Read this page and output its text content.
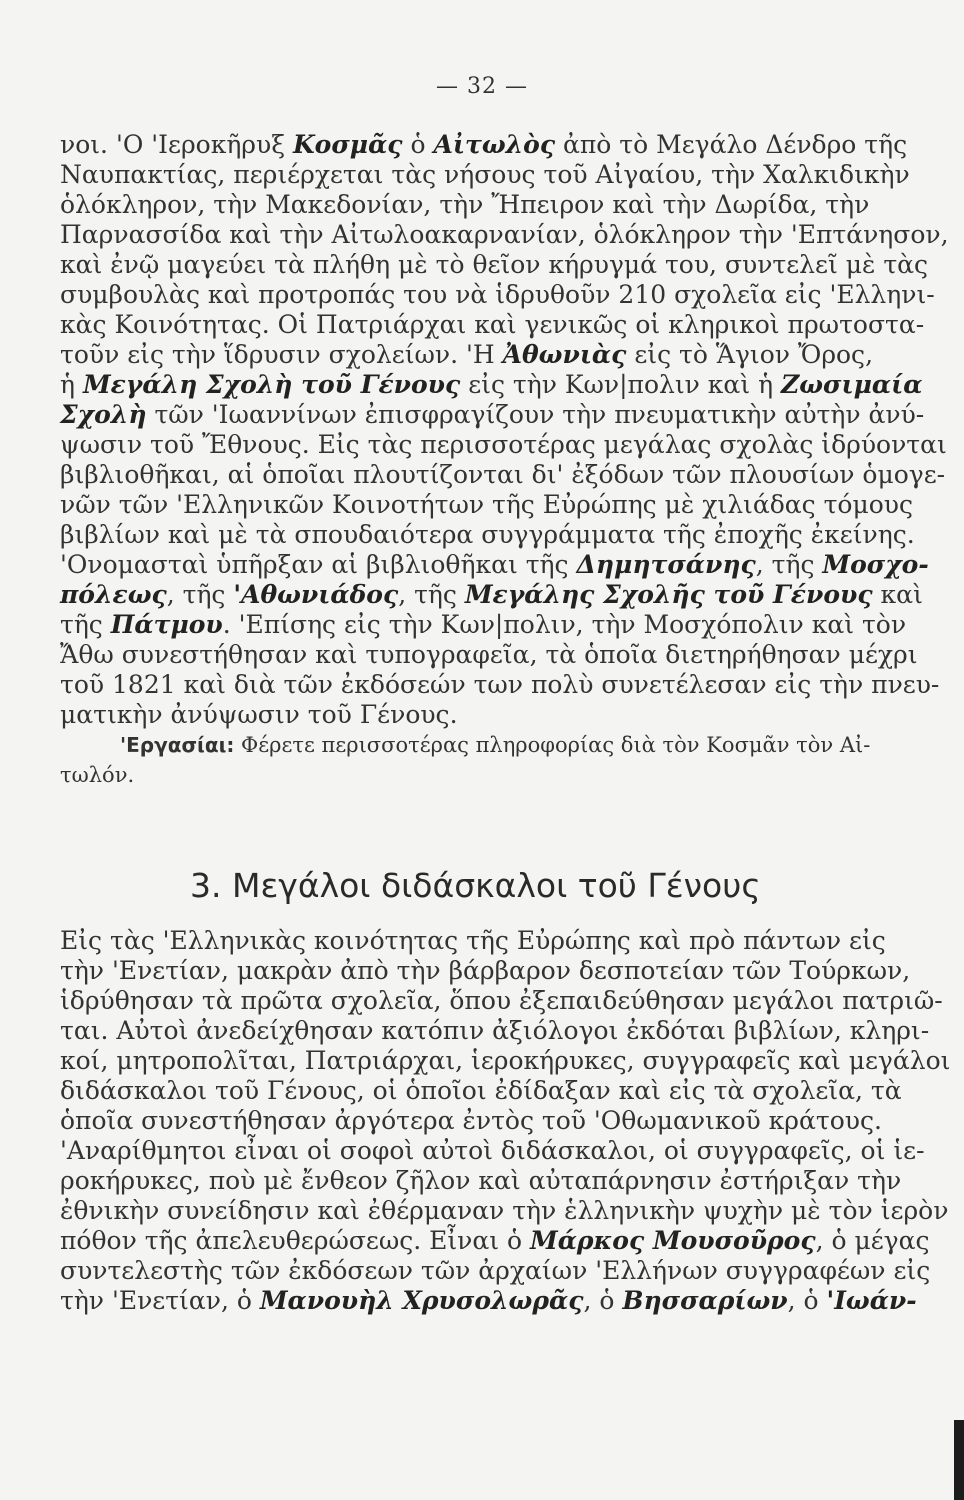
— 32 —
νοι. 'Ο 'Ιεροκῆρυξ Κοσμᾶς ὁ Αἰτωλὸς ἀπὸ τὸ Μεγάλο Δένδρο τῆς
Ναυπακτίας, περιέρχεται τὰς νήσους τοῦ Αἰγαίου, τὴν Χαλκιδικὴν
ὁλόκληρον, τὴν Μακεδονίαν, τὴν Ἤπειρον καὶ τὴν Δωρίδα, τὴν
Παρνασσίδα καὶ τὴν Αἰτωλοακαρνανίαν, ὁλόκληρον τὴν 'Επτάνησον,
καὶ ἐνῷ μαγεύει τὰ πλήθη μὲ τὸ θεῖον κήρυγμά του, συντελεῖ μὲ τὰς
συμβουλὰς καὶ προτροπάς του νὰ ἱδρυθοῦν 210 σχολεῖα εἰς 'Ελληνι-
κὰς Κοινότητας. Οἱ Πατριάρχαι καὶ γενικῶς οἱ κληρικοὶ πρωτοστα-
τοῦν εἰς τὴν ἵδρυσιν σχολείων. 'Η Ἀθωνιὰς εἰς τὸ Ἅγιον Ὄρος,
ἡ Μεγάλη Σχολὴ τοῦ Γένους εἰς τὴν Κων|πολιν καὶ ἡ Ζωσιμαία
Σχολὴ τῶν 'Ιωαννίνων ἐπισφραγίζουν τὴν πνευματικὴν αὐτὴν ἀνύ-
ψωσιν τοῦ Ἔθνους. Εἰς τὰς περισσοτέρας μεγάλας σχολὰς ἱδρύονται
βιβλιοθῆκαι, αἱ ὁποῖαι πλουτίζονται δι' ἐξόδων τῶν πλουσίων ὁμογε-
νῶν τῶν 'Ελληνικῶν Κοινοτήτων τῆς Εὐρώπης μὲ χιλιάδας τόμους
βιβλίων καὶ μὲ τὰ σπουδαιότερα συγγράμματα τῆς ἐποχῆς ἐκείνης.
'Ονομασταὶ ὑπῆρξαν αἱ βιβλιοθῆκαι τῆς Δημητσάνης, τῆς Μοσχο-
πόλεως, τῆς 'Αθωνιάδος, τῆς Μεγάλης Σχολῆς τοῦ Γένους καὶ
τῆς Πάτμου. 'Επίσης εἰς τὴν Κων|πολιν, τὴν Μοσχόπολιν καὶ τὸν
Ἄθω συνεστήθησαν καὶ τυπογραφεῖα, τὰ ὁποῖα διετηρήθησαν μέχρι
τοῦ 1821 καὶ διὰ τῶν ἐκδόσεών των πολὺ συνετέλεσαν εἰς τὴν πνευ-
ματικὴν ἀνύψωσιν τοῦ Γένους.
'Εργασίαι: Φέρετε περισσοτέρας πληροφορίας διὰ τὸν Κοσμᾶν τὸν Αἰ-
τωλόν.
3. Μεγάλοι διδάσκαλοι τοῦ Γένους
Εἰς τὰς 'Ελληνικὰς κοινότητας τῆς Εὐρώπης καὶ πρὸ πάντων εἰς
τὴν 'Ενετίαν, μακρὰν ἀπὸ τὴν βάρβαρον δεσποτείαν τῶν Τούρκων,
ἱδρύθησαν τὰ πρῶτα σχολεῖα, ὅπου ἐξεπαιδεύθησαν μεγάλοι πατριῶ-
ται. Αὐτοὶ ἀνεδείχθησαν κατόπιν ἀξιόλογοι ἐκδόται βιβλίων, κληρι-
κοί, μητροπολῖται, Πατριάρχαι, ἱεροκήρυκες, συγγραφεῖς καὶ μεγάλοι
διδάσκαλοι τοῦ Γένους, οἱ ὁποῖοι ἐδίδαξαν καὶ εἰς τὰ σχολεῖα, τὰ
ὁποῖα συνεστήθησαν ἀργότερα ἐντὸς τοῦ 'Οθωμανικοῦ κράτους.
'Αναρίθμητοι εἶναι οἱ σοφοὶ αὐτοὶ διδάσκαλοι, οἱ συγγραφεῖς, οἱ ἱε-
ροκήρυκες, ποὺ μὲ ἔνθεον ζῆλον καὶ αὐταπάρνησιν ἐστήριξαν τὴν
ἐθνικὴν συνείδησιν καὶ ἐθέρμαναν τὴν ἑλληνικὴν ψυχὴν μὲ τὸν ἱερὸν
πόθον τῆς ἀπελευθερώσεως. Εἶναι ὁ Μάρκος Μουσοῦρος, ὁ μέγας
συντελεστὴς τῶν ἐκδόσεων τῶν ἀρχαίων 'Ελλήνων συγγραφέων εἰς
τὴν 'Ενετίαν, ὁ Μανουὴλ Χρυσολωρᾶς, ὁ Βησσαρίων, ὁ 'Ιωάν-
